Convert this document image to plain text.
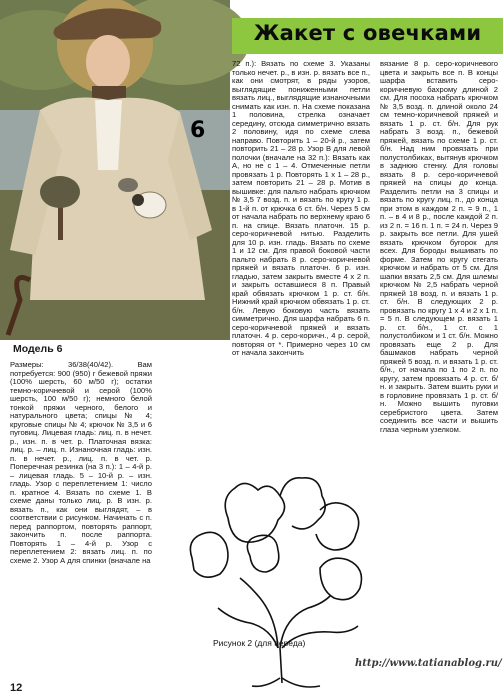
6
Жакет с овечками
Модель 6

Размеры: 36/38(40/42). Вам потребуется: 900 (950) г бежевой пряжи (100% шерсть, 60 м/50 г); остатки темно-коричневой и серой (100% шерсть, 100 м/50 г); немного белой тонкой пряжи черного, белого и натурального цвета; спицы № 4; круговые спицы № 4; крючок № 3,5 и 6 пуговиц. Лицевая гладь: лиц. п. в нечет. р., изн. п. в чет. р. Платочная вязка: лиц. р. – лиц. п. Изнаночная гладь: изн. п. в нечет. р., лиц. п. в чет. р. Поперечная резинка (на 3 п.): 1 – 4-й р. – лицевая гладь. 5 – 10-й р. – изн. гладь. Узор с переплетением 1: число п. кратное 4. Вязать по схеме 1. В схеме даны только лиц. р. В изн. р. вязать п., как они выглядят, – в соответствии с рисунком. Начинать с п. перед раппортом, повторять раппорт, закончить п. после раппорта. Повторять 1 – 4-й р. Узор с переплетением 2: вязать лиц. п. по схеме 2. Узор А для спинки (вначале на

72 п.): Вязать по схеме 3. Указаны только нечет. р., в изн. р. вязать все п., как они смотрят, в ряды узоров, выглядящие пониженными петли вязать лиц., выглядящие изнаночными снимать как изн. п. На схеме показана 1 половина, стрелка означает середину, отсюда симметрично вязать 2 половину, идя по схеме слева направо. Повторить 1 – 20-й р., затем повторить 21 – 28 р. Узор В для левой полочки (вначале на 32 п.): Вязать как А, но не с 1 – 4. Отмеченные петли провязать 1 р. Повторять 1 х 1 – 28 р., затем повторить 21 – 28 р. Мотив в вышивке: для пальто набрать крючком № 3,5 7 возд. п. и вязать по кругу 1 р. в 1-й п. от крючка 6 ст. б/н. Через 5 см от начала набрать по верхнему краю 6 п. на спице. Вязать платочн. 15 р. серо-коричневой нитью. Разделить для 10 р. изн. гладь. Вязать по схеме 1 и 12 см. Для правой боковой части пальто набрать 8 р. серо-коричневой пряжей и вязать платочн. 6 р. изн. гладью, затем закрыть вместе 4 х 2 п. и закрыть оставшиеся 8 п. Правый край обвязать крючком 1 р. ст. б/н. Нижний край крючком обвязать 1 р. ст. б/н. Левую боковую часть вязать симметрично. Для шарфа набрать 6 п. серо-коричневой пряжей и вязать платочн. 4 р. серо-коричн., 4 р. серой, повторяя от *. Примерно через 10 см от начала закончить

вязание 8 р. серо-коричневого цвета и закрыть все п. В концы шарфа вставить серо-коричневую бахрому длиной 2 см. Для посоха набрать крючком № 3,5 возд. п. длиной около 24 см темно-коричневой пряжей и вязать 1 р. ст. б/н. Для рук набрать 3 возд. п., бежевой пряжей, вязать по схеме 1 р. ст. б/н. Над ним провязать при полустолбиках, вытянув крючком в заднюю стенку. Для головы вязать 8 р. серо-коричневой пряжей на спицы до конца. Разделить петли на 3 спицы и вязать по кругу лиц. п., до конца при этом в каждом 2 п. = 9 п., 1 п. – в 4 и 8 р., после каждой 2 п. из 2 п. = 16 п. 1 п. = 24 п. Через 9 р. закрыть все петли. Для ушей вязать крючком бугорок для всех. Для бороды вышивать по форме. Затем по кругу стегать крючком и набрать от 5 см. Для шапки вязать 2,5 см. Для шлемы крючком № 2,5 набрать черной пряжей 18 возд. п. и вязать 1 р. ст. б/н. В следующих 2 р. провязать по кругу 1 х 4 и 2 х 1 п. = 5 п. В следующем р. вязать 1 р. ст. б/н., 1 ст. с 1 полустолбиком и 1 ст. б/н. Можно провязать еще 2 р. Для башмаков набрать черной пряжей 5 возд. п. и вязать 1 р. ст. б/н., от начала по 1 по 2 п. по кругу, затем провязать 4 р. ст. б/н. и закрыть. Затем вшить руки и в горловине провязать 1 р. ст. б/н. Можно вышить пуговки серебристого цвета. Затем соединить все части и вышить глаза черным узелком.

Рисунок 2 (для переда)
http://www.tatianablog.ru/
12
